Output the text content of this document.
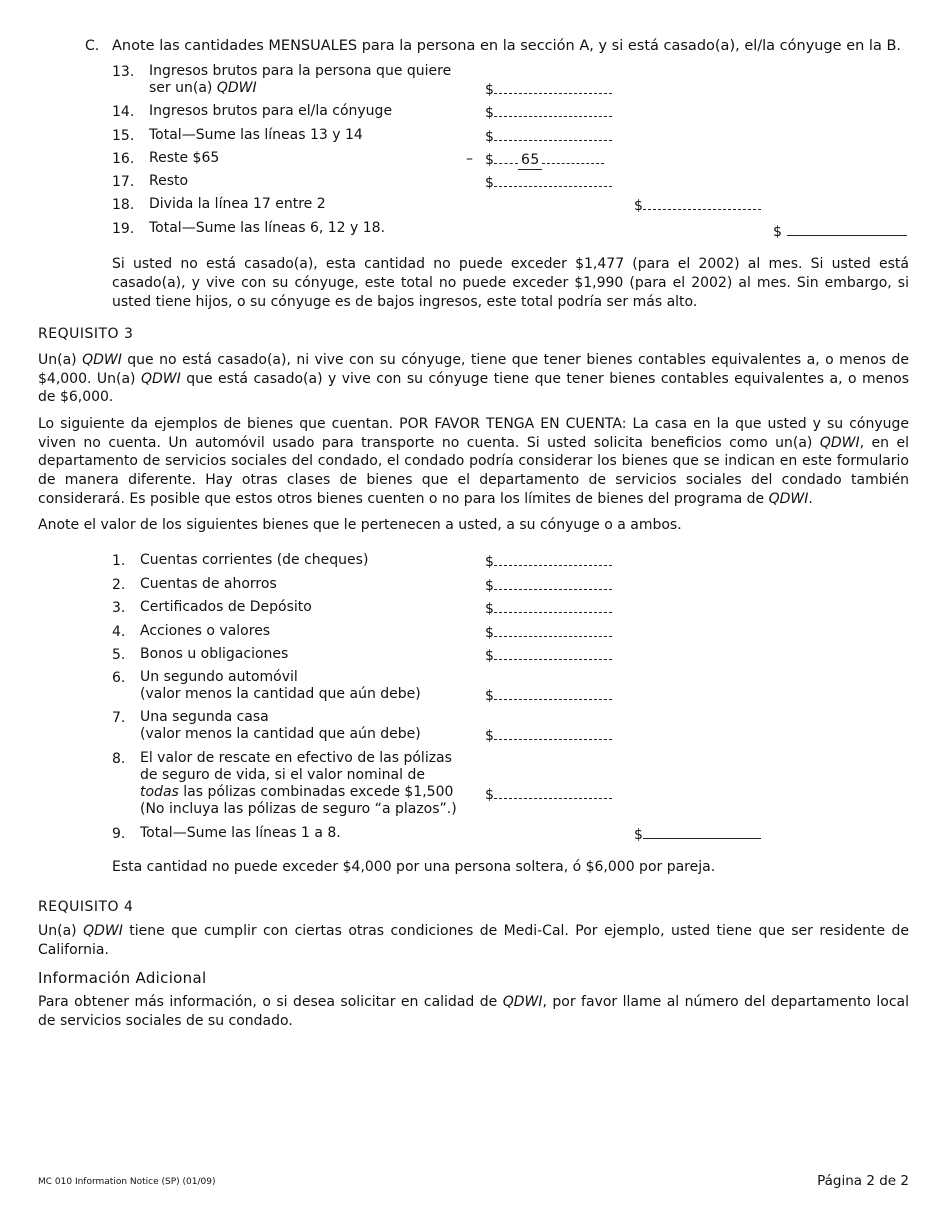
C. Anote las cantidades MENSUALES para la persona en la sección A, y si está casado(a), el/la cónyuge en la B.
13. Ingresos brutos para la persona que quiere
ser un(a) QDWI	$
14. Ingresos brutos para el/la cónyuge	$
15. Total—Sume las líneas 13 y 14	$
16. Reste $65	– $ 65
17. Resto	$
18. Divida la línea 17 entre 2	$
19. Total—Sume las líneas 6, 12 y 18.	$
Si usted no está casado(a), esta cantidad no puede exceder $1,477 (para el 2002) al mes. Si usted está casado(a), y vive con su cónyuge, este total no puede exceder $1,990 (para el 2002) al mes. Sin embargo, si usted tiene hijos, o su cónyuge es de bajos ingresos, este total podría ser más alto.
REQUISITO 3
Un(a) QDWI que no está casado(a), ni vive con su cónyuge, tiene que tener bienes contables equivalentes a, o menos de $4,000. Un(a) QDWI que está casado(a) y vive con su cónyuge tiene que tener bienes contables equivalentes a, o menos de $6,000.
Lo siguiente da ejemplos de bienes que cuentan. POR FAVOR TENGA EN CUENTA: La casa en la que usted y su cónyuge viven no cuenta. Un automóvil usado para transporte no cuenta. Si usted solicita beneficios como un(a) QDWI, en el departamento de servicios sociales del condado, el condado podría considerar los bienes que se indican en este formulario de manera diferente. Hay otras clases de bienes que el departamento de servicios sociales del condado también considerará. Es posible que estos otros bienes cuenten o no para los límites de bienes del programa de QDWI.
Anote el valor de los siguientes bienes que le pertenecen a usted, a su cónyuge o a ambos.
1. Cuentas corrientes (de cheques)	$
2. Cuentas de ahorros	$
3. Certificados de Depósito	$
4. Acciones o valores	$
5. Bonos u obligaciones	$
6. Un segundo automóvil
(valor menos la cantidad que aún debe)	$
7. Una segunda casa
(valor menos la cantidad que aún debe)	$
8. El valor de rescate en efectivo de las pólizas
de seguro de vida, si el valor nominal de
todas las pólizas combinadas excede $1,500
(No incluya las pólizas de seguro “a plazos”.)
$
9. Total—Sume las líneas 1 a 8.	$
Esta cantidad no puede exceder $4,000 por una persona soltera, ó $6,000 por pareja.
REQUISITO 4
Un(a) QDWI tiene que cumplir con ciertas otras condiciones de Medi-Cal. Por ejemplo, usted tiene que ser residente de California.
Información Adicional
Para obtener más información, o si desea solicitar en calidad de QDWI, por favor llame al número del departamento local de servicios sociales de su condado.
MC 010 Information Notice (SP) (01/09)	Página 2 de 2
